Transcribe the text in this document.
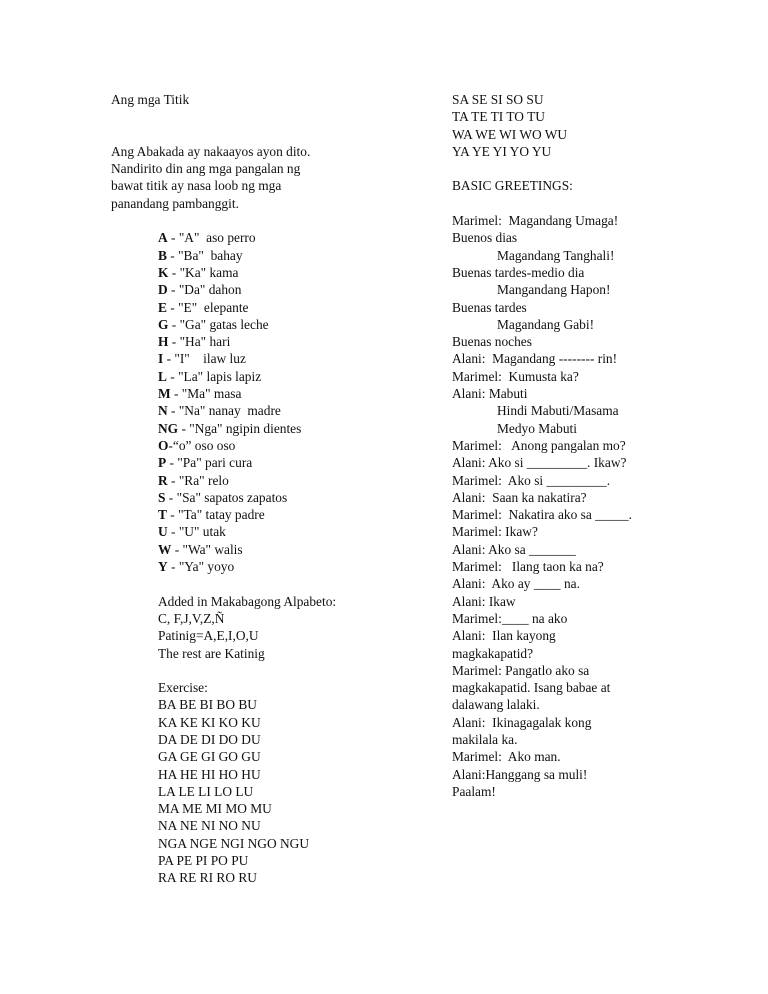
Ang mga Titik
Ang Abakada ay nakaayos ayon dito.
Nandirito din ang mga pangalan ng
bawat titik ay nasa loob ng mga
panandang pambanggit.
A - "A"  aso perro
B - "Ba"  bahay
K - "Ka" kama
D - "Da" dahon
E - "E"  elepante
G - "Ga" gatas leche
H - "Ha" hari
I - "I"    ilaw luz
L - "La" lapis lapiz
M - "Ma" masa
N - "Na" nanay  madre
NG - "Nga" ngipin dientes
O-“o” oso oso
P - "Pa" pari cura
R - "Ra" relo
S - "Sa" sapatos zapatos
T - "Ta" tatay padre
U - "U" utak
W - "Wa" walis
Y - "Ya" yoyo
Added in Makabagong Alpabeto:
C, F,J,V,Z,Ñ
Patinig=A,E,I,O,U
The rest are Katinig
Exercise:
BA BE BI BO BU
KA KE KI KO KU
DA DE DI DO DU
GA GE GI GO GU
HA HE HI HO HU
LA LE LI LO LU
MA ME MI MO MU
NA NE NI NO NU
NGA NGE NGI NGO NGU
PA PE PI PO PU
RA RE RI RO RU
SA SE SI SO SU
TA TE TI TO TU
WA WE WI WO WU
YA YE YI YO YU
BASIC GREETINGS:
Marimel:  Magandang Umaga!
Buenos dias
Magandang Tanghali!
Buenas tardes-medio dia
Mangandang Hapon!
Buenas tardes
Magandang Gabi!
Buenas noches
Alani:  Magandang -------- rin!
Marimel:  Kumusta ka?
Alani: Mabuti
Hindi Mabuti/Masama
Medyo Mabuti
Marimel:   Anong pangalan mo?
Alani: Ako si _________. Ikaw?
Marimel:  Ako si _________.
Alani:  Saan ka nakatira?
Marimel:  Nakatira ako sa _____.
Marimel: Ikaw?
Alani: Ako sa _______
Marimel:   Ilang taon ka na?
Alani:  Ako ay ____ na.
Alani: Ikaw
Marimel:____ na ako
Alani:  Ilan kayong
magkakapatid?
Marimel: Pangatlo ako sa
magkakapatid. Isang babae at
dalawang lalaki.
Alani:  Ikinagagalak kong
makilala ka.
Marimel:  Ako man.
Alani:Hanggang sa muli!
Paalam!
